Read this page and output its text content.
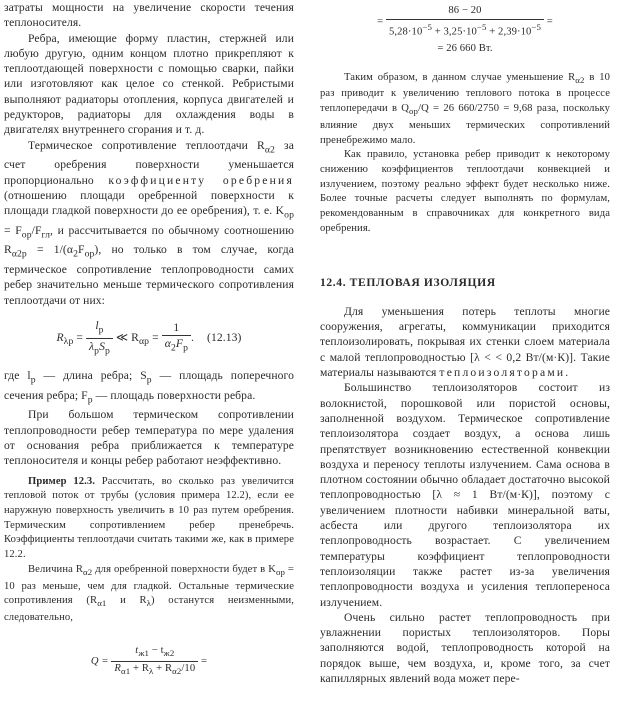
затраты мощности на увеличение скорости течения теплоносителя.

Ребра, имеющие форму пластин, стержней или любую другую, одним концом плотно прикрепляют к теплоотдающей поверхности с помощью сварки, пайки или изготовляют как целое со стенкой. Ребристыми выполняют радиаторы отопления, корпуса двигателей и редукторов, радиаторы для охлаждения воды в двигателях внутреннего сгорания и т. д.

Термическое сопротивление теплоотдачи $R_{\alpha 2}$ за счет оребрения поверхности уменьшается пропорционально коэффициенту оребрения (отношению площади оребренной поверхности к площади гладкой поверхности до ее оребрения), т. е. $K_{ор} = F_{ор}/F_{гл}$, и рассчитывается по обычному соотношению $R_{\alpha 2р} = 1/(\alpha_2F_{ор})$, но только в том случае, когда термическое сопротивление теплопроводности самих ребер значительно меньше термического сопротивления теплоотдачи от них:

$R_{\lambda р} = \frac{l_р}{\lambda_рS_р}$ ≪ $R_{\alpha р} = \frac{1}{\alpha_2F_р}$ . (12.13)

где $l_р$ — длина ребра; $S_р$ — площадь поперечного сечения ребра; $F_р$ — площадь поверхности ребра.

При большом термическом сопротивлении теплопроводности ребер температура по мере удаления от основания ребра приближается к температуре теплоносителя и концы ребер работают неэффективно.

Пример 12.3. Рассчитать, во сколько раз увеличится тепловой поток от трубы (условия примера 12.2), если ее наружную поверхность увеличить в 10 раз путем оребрения. Термическим сопротивлением ребер пренебречь. Коэффициенты теплоотдачи считать такими же, как в примере 12.2.

Величина $R_{\alpha 2}$ для оребренной поверхности будет в $K_{ор} = 10$ раз меньше, чем для гладкой. Остальные термические сопротивления ($R_{\alpha 1}$ и $R_\lambda$) останутся неизменными, следовательно,

$Q = \frac{t_{ж1} - t_{ж2}}{R_{\alpha 1} + R_\lambda + R_{\alpha 2}/10}$ =
= $\frac{86 - 20}{5,28\cdot 10^{-5} + 3,25\cdot 10^{-5} + 2,39\cdot 10^{-5}}$ =
= 26 660 Вт.

Таким образом, в данном случае уменьшение $R_{\alpha 2}$ в 10 раз приводит к увеличению теплового потока в процессе теплопередачи в $Q_{ор}/Q = 26$ 660/2750 = 9,68 раза, поскольку влияние двух меньших термических сопротивлений пренебрежимо мало.

Как правило, установка ребер приводит к некоторому снижению коэффициентов теплоотдачи конвекцией и излучением, поэтому реально эффект будет несколько ниже. Более точные расчеты следует выполнять по формулам, рекомендованным в справочниках для конкретного вида оребрения.

12.4. ТЕПЛОВАЯ ИЗОЛЯЦИЯ

Для уменьшения потерь теплоты многие сооружения, агрегаты, коммуникации приходится теплоизолировать, покрывая их стенки слоем материала с малой теплопроводностью [λ < < 0,2 Вт/(м·К)]. Такие материалы называются теплоизоляторами.

Большинство теплоизоляторов состоит из волокнистой, порошковой или пористой основы, заполненной воздухом. Термическое сопротивление теплоизолятора создает воздух, а основа лишь препятствует возникновению естественной конвекции воздуха и переносу теплоты излучением. Сама основа в плотном состоянии обычно обладает достаточно высокой теплопроводностью [λ ≈ 1 Вт/(м·К)], поэтому с увеличением плотности набивки минеральной ваты, асбеста или другого теплоизолятора их теплопроводность возрастает. С увеличением температуры коэффициент теплопроводности теплоизоляции также растет из-за увеличения теплопроводности воздуха и усиления теплопереноса излучением.

Очень сильно растет теплопроводность при увлажнении пористых теплоизоляторов. Поры заполняются водой, теплопроводность которой на порядок выше, чем воздуха, и, кроме того, за счет капиллярных явлений вода может пере-
